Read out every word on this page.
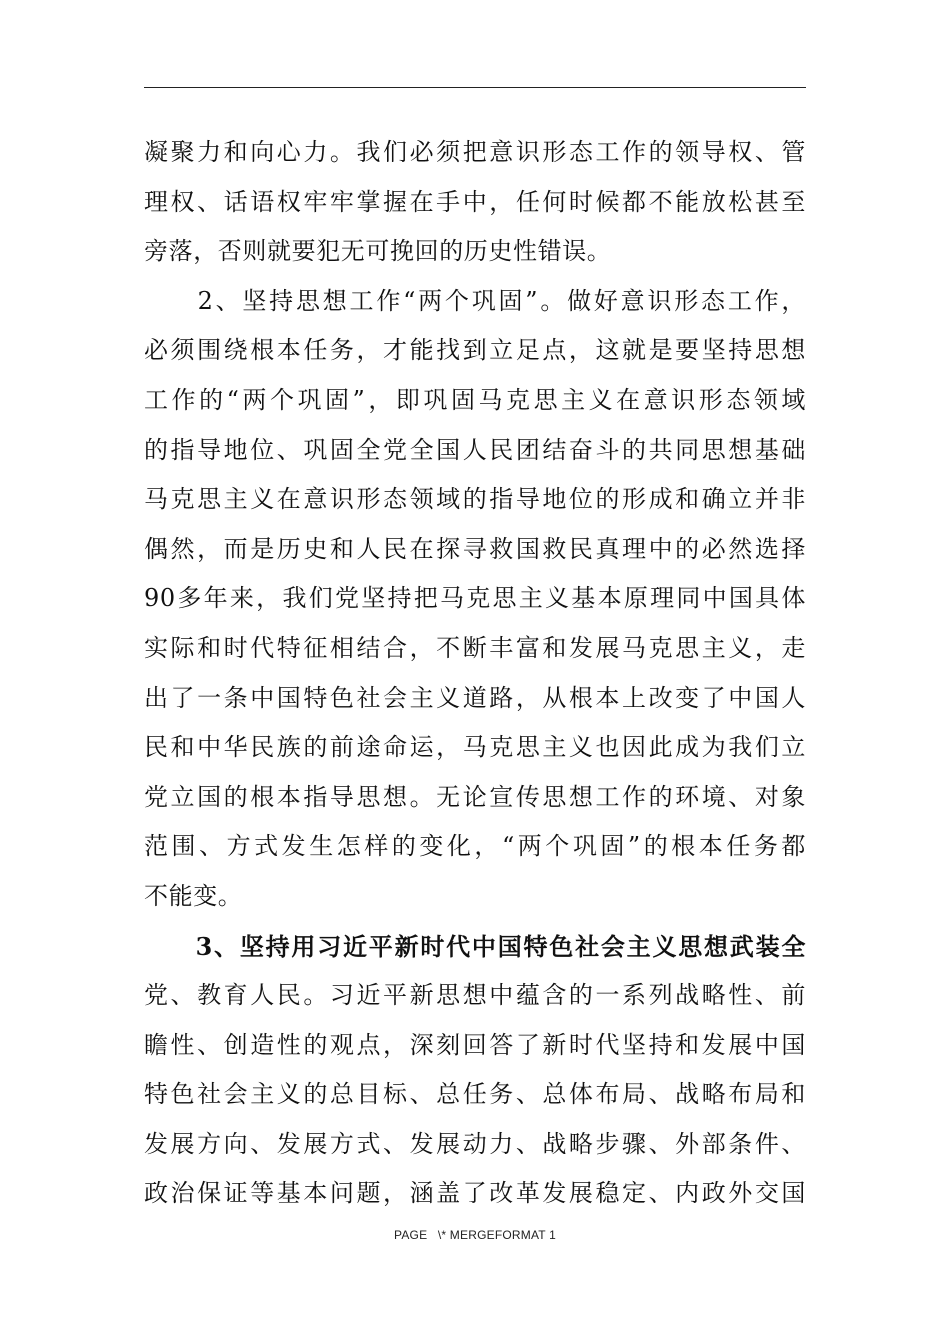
凝聚力和向心力。我们必须把意识形态工作的领导权、管
理权、话语权牢牢掌握在手中，任何时候都不能放松甚至
旁落，否则就要犯无可挽回的历史性错误。
　　2、坚持思想工作“两个巩固”。做好意识形态工作，
必须围绕根本任务，才能找到立足点，这就是要坚持思想
工作的“两个巩固”，即巩固马克思主义在意识形态领域
的指导地位、巩固全党全国人民团结奋斗的共同思想基础
马克思主义在意识形态领域的指导地位的形成和确立并非
偶然，而是历史和人民在探寻救国救民真理中的必然选择
90多年来，我们党坚持把马克思主义基本原理同中国具体
实际和时代特征相结合，不断丰富和发展马克思主义，走
出了一条中国特色社会主义道路，从根本上改变了中国人
民和中华民族的前途命运，马克思主义也因此成为我们立
党立国的根本指导思想。无论宣传思想工作的环境、对象
范围、方式发生怎样的变化，“两个巩固”的根本任务都
不能变。
　　3、坚持用习近平新时代中国特色社会主义思想武装全
党、教育人民。习近平新思想中蕴含的一系列战略性、前
瞻性、创造性的观点，深刻回答了新时代坚持和发展中国
特色社会主义的总目标、总任务、总体布局、战略布局和
发展方向、发展方式、发展动力、战略步骤、外部条件、
政治保证等基本问题，涵盖了改革发展稳定、内政外交国
PAGE   \* MERGEFORMAT 1
